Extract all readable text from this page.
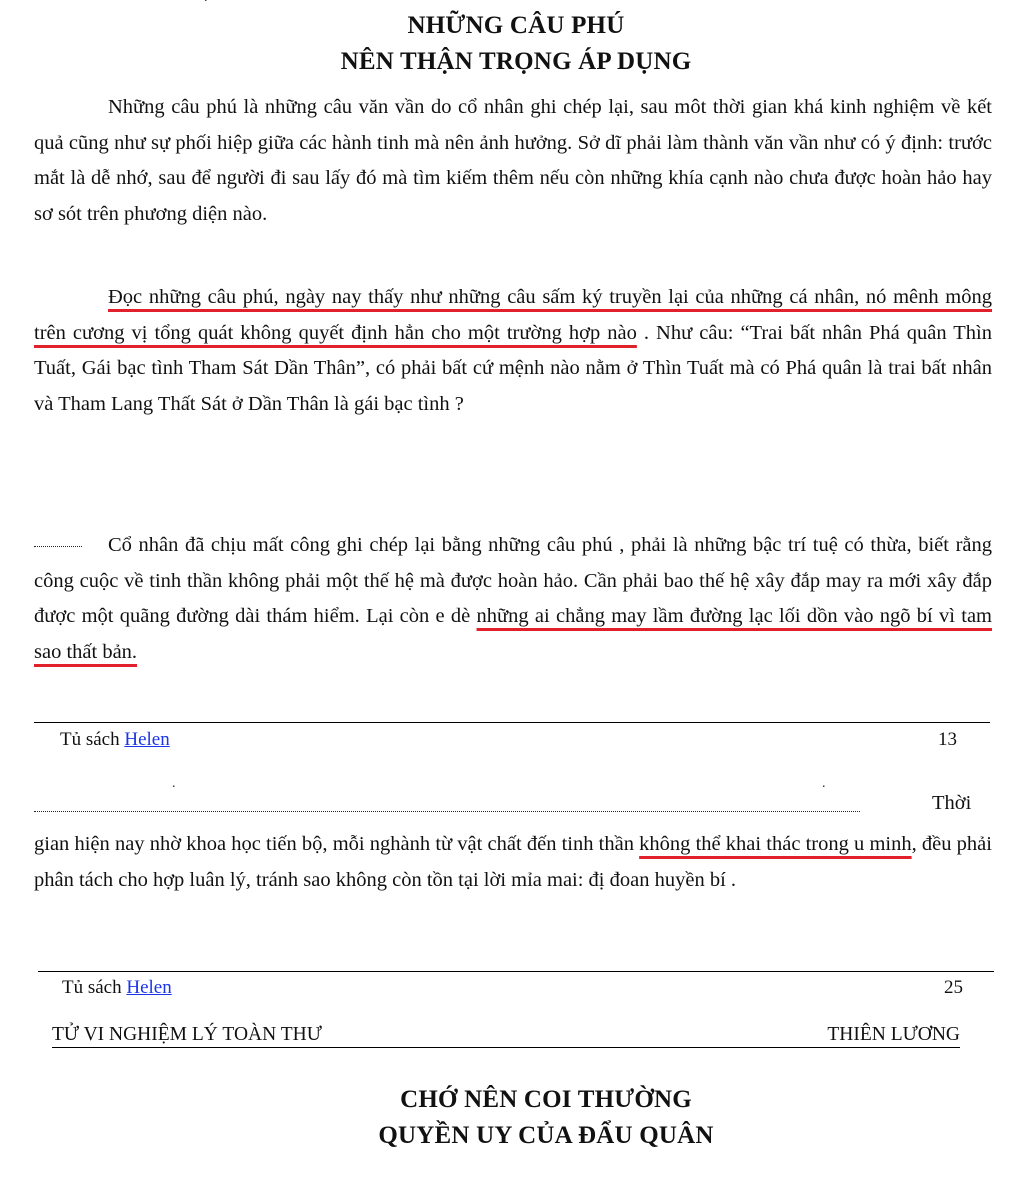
NHỮNG CÂU PHÚ
NÊN THẬN TRỌNG ÁP DỤNG

Những câu phú là những câu văn vần do cổ nhân ghi chép lại, sau môt thời gian khá kinh nghiệm về kết quả cũng như sự phối hiệp giữa các hành tinh mà nên ảnh hưởng. Sở dĩ phải làm thành văn vần như có ý định: trước mắt là dễ nhớ, sau để người đi sau lấy đó mà tìm kiếm thêm nếu còn những khía cạnh nào chưa được hoàn hảo hay sơ sót trên phương diện nào.

Đọc những câu phú, ngày nay thấy như những câu sấm ký truyền lại của những cá nhân, nó mênh mông trên cương vị tổng quát không quyết định hẳn cho một trường hợp nào . Như câu: “Trai bất nhân Phá quân Thìn Tuất, Gái bạc tình Tham Sát Dần Thân”, có phải bất cứ mệnh nào nằm ở Thìn Tuất mà có Phá quân là trai bất nhân và Tham Lang Thất Sát ở Dần Thân là gái bạc tình ?

Cổ nhân đã chịu mất công ghi chép lại bằng những câu phú , phải là những bậc trí tuệ có thừa, biết rằng công cuộc về tinh thần không phải một thế hệ mà được hoàn hảo. Cần phải bao thế hệ xây đắp may ra mới xây đắp được một quãng đường dài thám hiểm. Lại còn e dè những ai chẳng may lầm đường lạc lối dồn vào ngõ bí vì tam sao thất bản.

Tủ sách Helen	13
.	.
Thời

gian hiện nay nhờ khoa học tiến bộ, mỗi nghành từ vật chất đến tinh thần không thể khai thác trong u minh, đều phải phân tách cho hợp luân lý, tránh sao không còn tồn tại lời mỉa mai: đị đoan huyền bí .

Tủ sách Helen	25
TỬ VI NGHIỆM LÝ TOÀN THƯ	THIÊN LƯƠNG
CHỚ NÊN COI THƯỜNG
QUYỀN UY CỦA ĐẨU QUÂN
